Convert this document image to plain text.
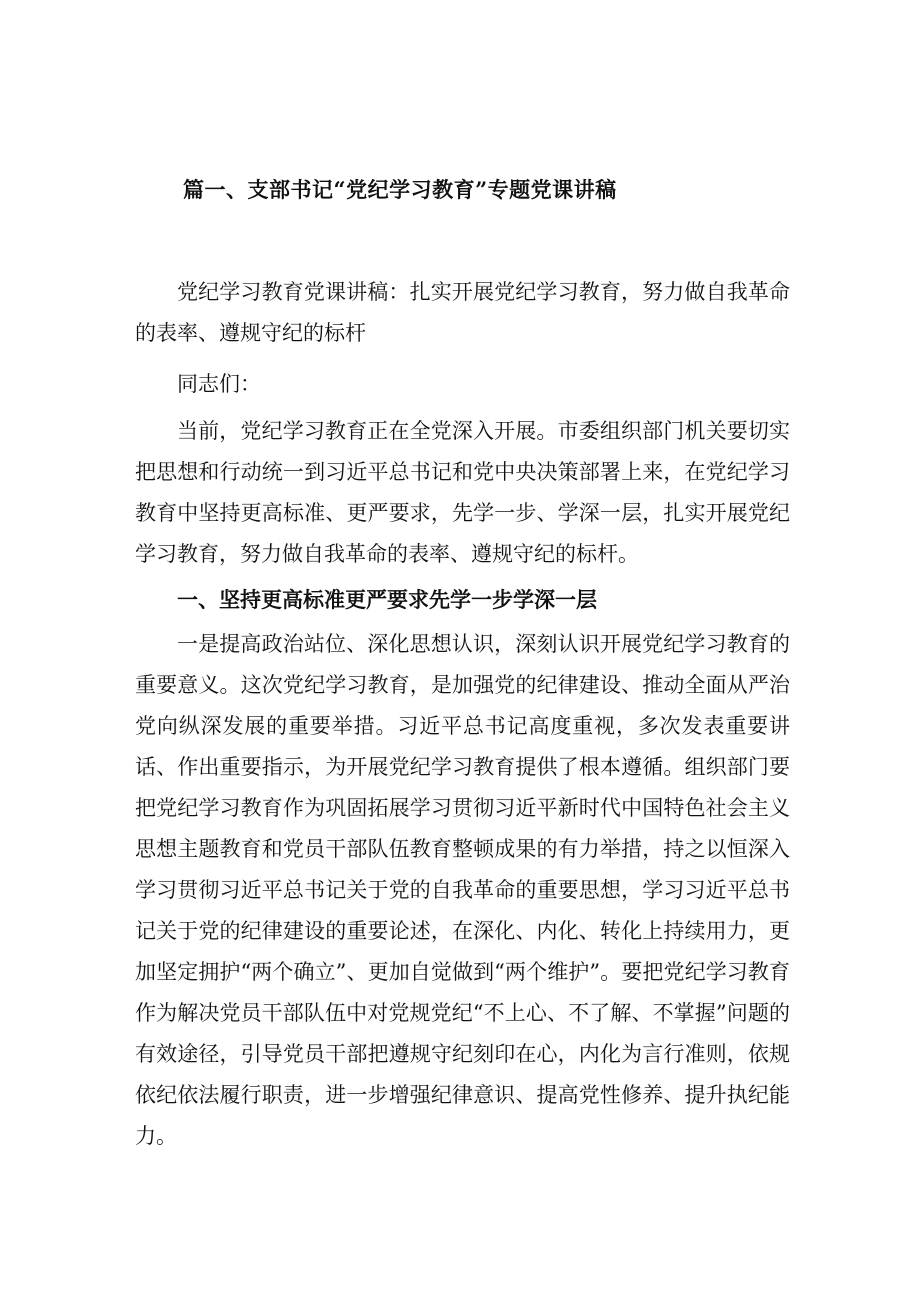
篇一、支部书记“党纪学习教育”专题党课讲稿

党纪学习教育党课讲稿：扎实开展党纪学习教育，努力做自我革命的表率、遵规守纪的标杆

同志们：

当前，党纪学习教育正在全党深入开展。市委组织部门机关要切实把思想和行动统一到习近平总书记和党中央决策部署上来，在党纪学习教育中坚持更高标准、更严要求，先学一步、学深一层，扎实开展党纪学习教育，努力做自我革命的表率、遵规守纪的标杆。

一、坚持更高标准更严要求先学一步学深一层

一是提高政治站位、深化思想认识，深刻认识开展党纪学习教育的重要意义。这次党纪学习教育，是加强党的纪律建设、推动全面从严治党向纵深发展的重要举措。习近平总书记高度重视，多次发表重要讲话、作出重要指示，为开展党纪学习教育提供了根本遵循。组织部门要把党纪学习教育作为巩固拓展学习贯彻习近平新时代中国特色社会主义思想主题教育和党员干部队伍教育整顿成果的有力举措，持之以恒深入学习贯彻习近平总书记关于党的自我革命的重要思想，学习习近平总书记关于党的纪律建设的重要论述，在深化、内化、转化上持续用力，更加坚定拥护“两个确立”、更加自觉做到“两个维护”。要把党纪学习教育作为解决党员干部队伍中对党规党纪“不上心、不了解、不掌握”问题的有效途径，引导党员干部把遵规守纪刻印在心，内化为言行准则，依规依纪依法履行职责，进一步增强纪律意识、提高党性修养、提升执纪能力。
